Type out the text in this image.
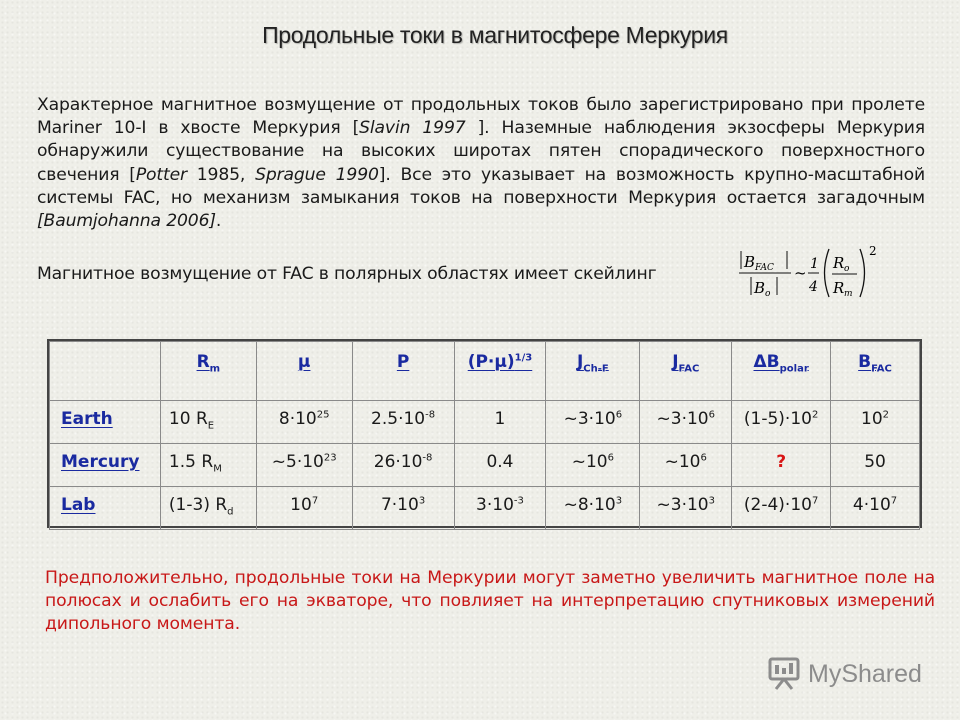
Продольные токи в магнитосфере Меркурия
Характерное магнитное возмущение от продольных токов было зарегистрировано при пролете Mariner 10-I в хвосте Меркурия [Slavin 1997 ]. Наземные наблюдения экзосферы Меркурия обнаружили существование на высоких широтах пятен спорадического поверхностного свечения [Potter 1985, Sprague 1990]. Все это указывает на возможность крупно-масштабной системы FAC, но механизм замыкания токов на поверхности Меркурия остается загадочным [Baumjohanna 2006].
Магнитное возмущение от FAC в полярных областях имеет скейлинг
B FAC
B o
~ 1
4
R o
R m
2
	$R_m$	μ	P	$(P\cdot\mu)^{1/3}$	$J_{Ch-F}$	$J_{FAC}$	$\Delta B_{polar}$	$B_{FAC}$
Earth	10 $R_E$	$8\cdot 10^{25}$	$2.5\cdot 10^{-8}$	1	$\sim 3\cdot 10^6$	$\sim 3\cdot 10^6$	$(1-5)\cdot 10^2$	$10^2$
Mercury	1.5 $R_M$	$\sim 5\cdot 10^{23}$	$26\cdot 10^{-8}$	0.4	$\sim 10^6$	$\sim 10^6$	?	50
Lab	(1-3) $R_d$	$10^7$	$7\cdot 10^3$	$3\cdot 10^{-3}$	$\sim 8\cdot 10^3$	$\sim 3\cdot 10^3$	$(2-4)\cdot 10^7$	$4\cdot 10^7$
Предположительно, продольные токи на Меркурии могут заметно увеличить магнитное поле на полюсах и ослабить его на экваторе, что повлияет на интерпретацию спутниковых измерений дипольного момента.
MyShared
